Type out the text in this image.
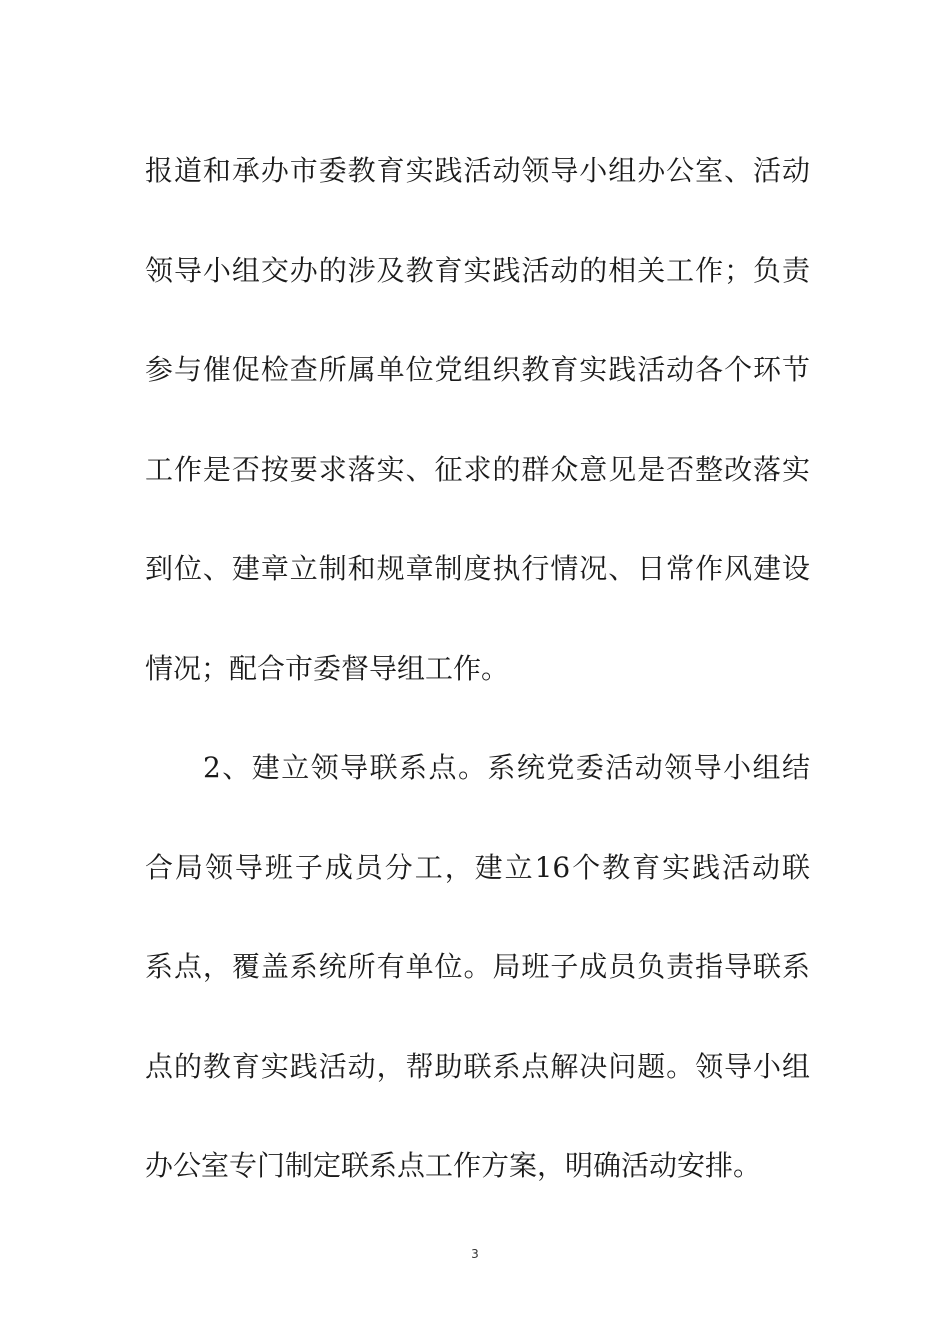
报道和承办市委教育实践活动领导小组办公室、活动
领导小组交办的涉及教育实践活动的相关工作；负责
参与催促检查所属单位党组织教育实践活动各个环节
工作是否按要求落实、征求的群众意见是否整改落实
到位、建章立制和规章制度执行情况、日常作风建设
情况；配合市委督导组工作。
2、建立领导联系点。系统党委活动领导小组结
合局领导班子成员分工，建立16个教育实践活动联
系点，覆盖系统所有单位。局班子成员负责指导联系
点的教育实践活动，帮助联系点解决问题。领导小组
办公室专门制定联系点工作方案，明确活动安排。
3
